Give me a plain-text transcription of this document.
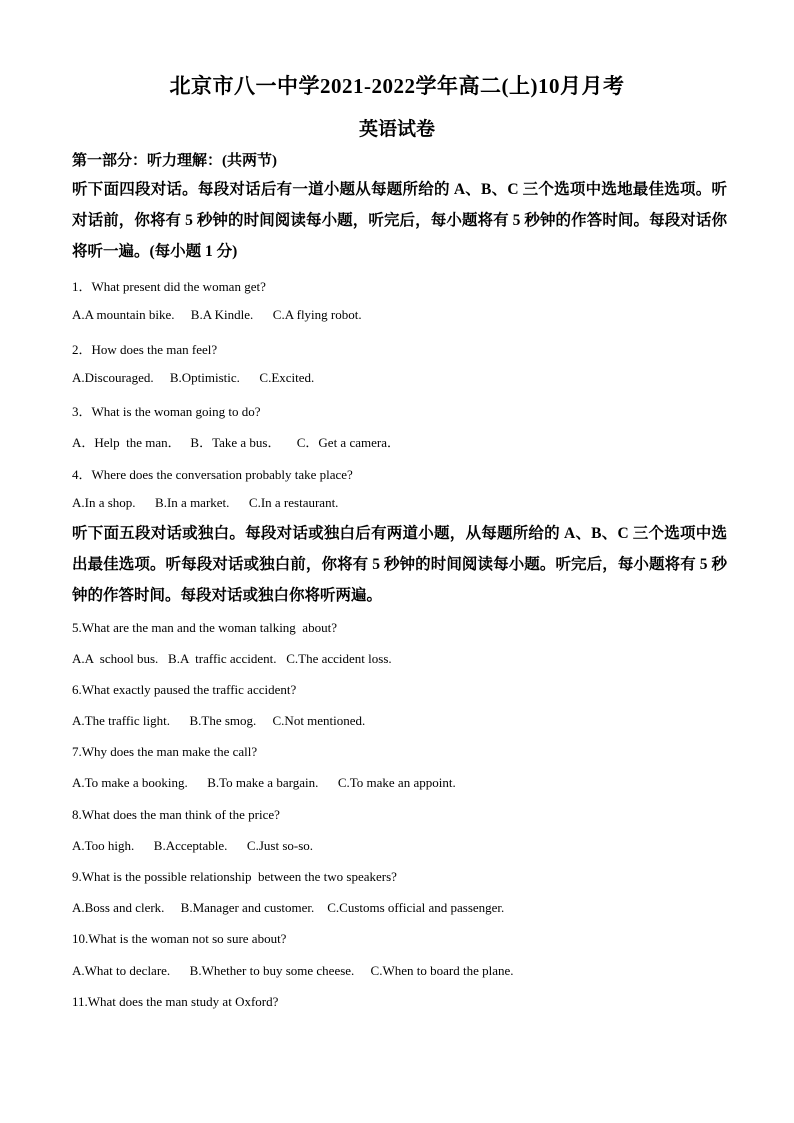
北京市八一中学2021-2022学年高二(上)10月月考
英语试卷
第一部分：听力理解：(共两节)
听下面四段对话。每段对话后有一道小题从每题所给的 A、B、C 三个选项中选地最佳选项。听对话前，你将有 5 秒钟的时间阅读每小题，听完后，每小题将有 5 秒钟的作答时间。每段对话你将听一遍。(每小题 1 分)
1．What present did the woman get?
A.A mountain bike.     B.A Kindle.      C.A flying robot.
2．How does the man feel?
A.Discouraged.     B.Optimistic.      C.Excited.
3．What is the woman going to do?
A．Help  the man．   B．Take a bus．     C．Get a camera．
4．Where does the conversation probably take place?
A.In a shop.      B.In a market.      C.In a restaurant.
听下面五段对话或独白。每段对话或独白后有两道小题，从每题所给的 A、B、C 三个选项中选出最佳选项。听每段对话或独白前，你将有 5 秒钟的时间阅读每小题。听完后，每小题将有 5 秒钟的作答时间。每段对话或独白你将听两遍。
5.What are the man and the woman talking  about?
A.A  school bus.   B.A  traffic accident.   C.The accident loss.
6.What exactly paused the traffic accident?
A.The traffic light.      B.The smog.     C.Not mentioned.
7.Why does the man make the call?
A.To make a booking.      B.To make a bargain.      C.To make an appoint.
8.What does the man think of the price?
A.Too high.      B.Acceptable.      C.Just so-so.
9.What is the possible relationship  between the two speakers?
A.Boss and clerk.     B.Manager and customer.    C.Customs official and passenger.
10.What is the woman not so sure about?
A.What to declare.      B.Whether to buy some cheese.     C.When to board the plane.
11.What does the man study at Oxford?
